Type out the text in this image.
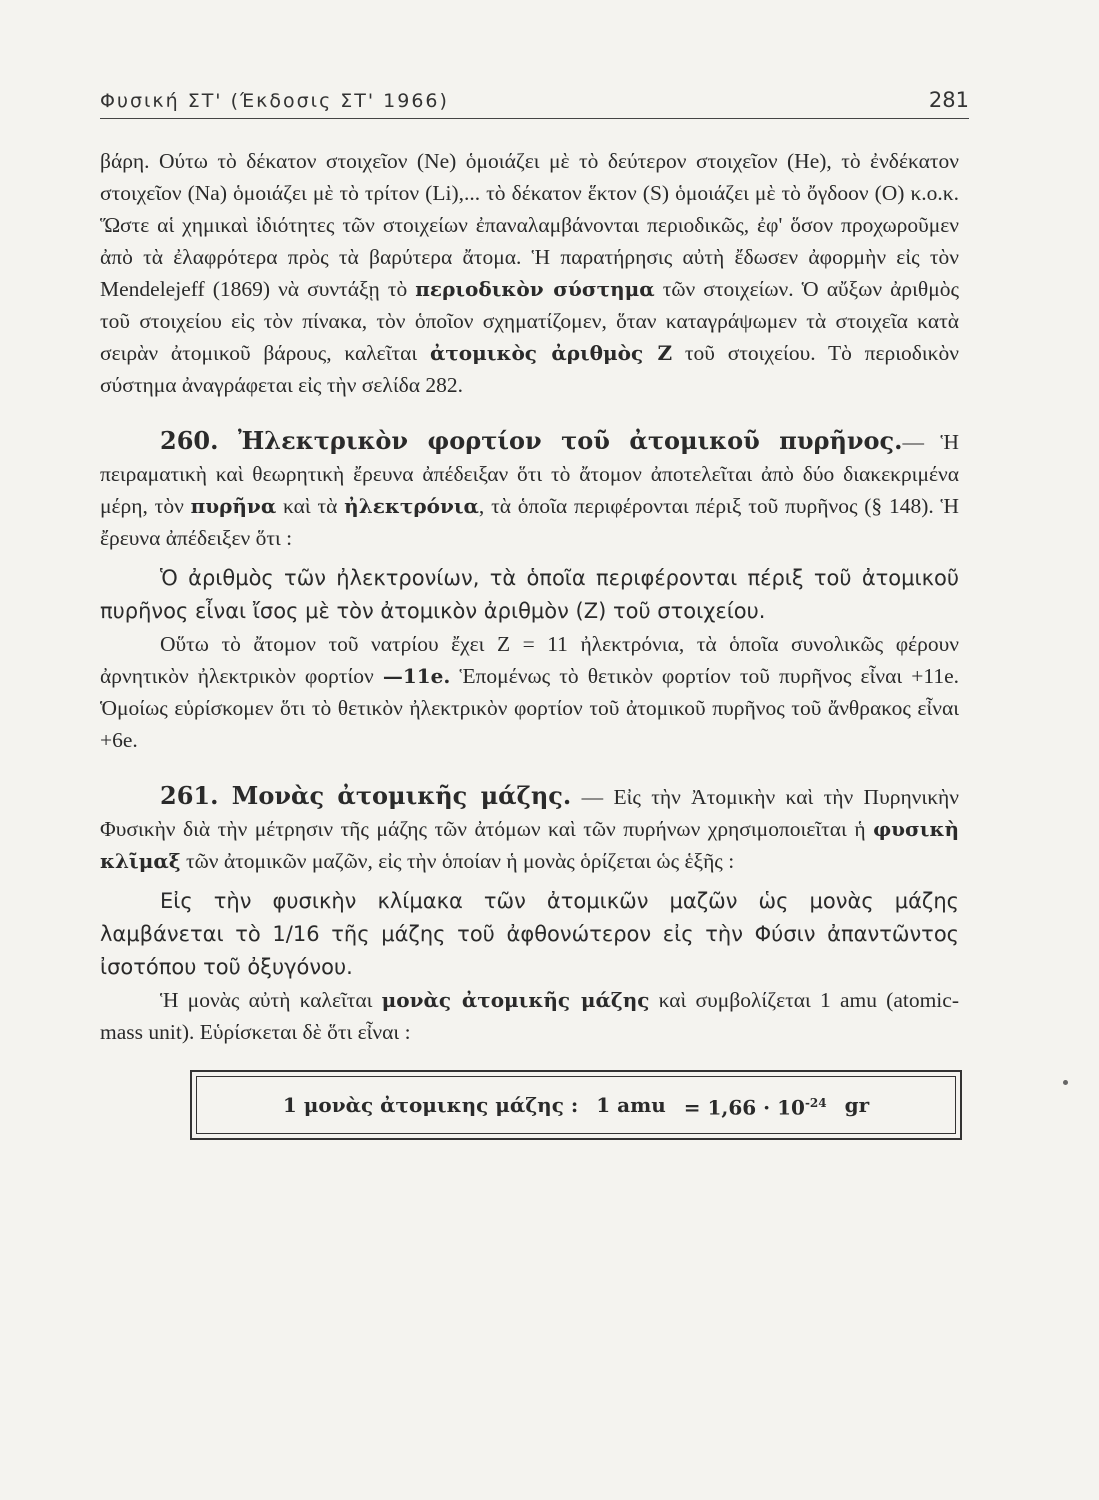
Φυσική ΣΤ' (Έκδοσις ΣΤ' 1966)	281

βάρη. Ούτω τὸ δέκατον στοιχεῖον (Ne) ὁμοιάζει μὲ τὸ δεύτερον στοιχεῖον (He), τὸ ἐνδέκατον στοιχεῖον (Na) ὁμοιάζει μὲ τὸ τρίτον (Li),... τὸ δέκατον ἕκτον (S) ὁμοιάζει μὲ τὸ ὄγδοον (O) κ.ο.κ. Ὥστε αἱ χημικαὶ ἰδιότητες τῶν στοιχείων ἐπαναλαμβάνονται περιοδικῶς, ἐφ' ὅσον προχωροῦμεν ἀπὸ τὰ ἐλαφρότερα πρὸς τὰ βαρύτερα ἄτομα. Ἡ παρατήρησις αὐτὴ ἔδωσεν ἀφορμὴν εἰς τὸν Mendelejeff (1869) νὰ συντάξῃ τὸ περιοδικὸν σύστημα τῶν στοιχείων. Ὁ αὔξων ἀριθμὸς τοῦ στοιχείου εἰς τὸν πίνακα, τὸν ὁποῖον σχηματίζομεν, ὅταν καταγράψωμεν τὰ στοιχεῖα κατὰ σειρὰν ἀτομικοῦ βάρους, καλεῖται ἀτομικὸς ἀριθμὸς Z τοῦ στοιχείου. Τὸ περιοδικὸν σύστημα ἀναγράφεται εἰς τὴν σελίδα 282.

260. Ἠλεκτρικὸν φορτίον τοῦ ἀτομικοῦ πυρῆνος.— Ἡ πειραματικὴ καὶ θεωρητικὴ ἔρευνα ἀπέδειξαν ὅτι τὸ ἄτομον ἀποτελεῖται ἀπὸ δύο διακεκριμένα μέρη, τὸν πυρῆνα καὶ τὰ ἠλεκτρόνια, τὰ ὁποῖα περιφέρονται πέριξ τοῦ πυρῆνος (§ 148). Ἡ ἔρευνα ἀπέδειξεν ὅτι :

Ὁ ἀριθμὸς τῶν ἠλεκτρονίων, τὰ ὁποῖα περιφέρονται πέριξ τοῦ ἀτομικοῦ πυρῆνος εἶναι ἴσος μὲ τὸν ἀτομικὸν ἀριθμὸν (Z) τοῦ στοιχείου.

Οὕτω τὸ ἄτομον τοῦ νατρίου ἔχει Z = 11 ἠλεκτρόνια, τὰ ὁποῖα συνολικῶς φέρουν ἀρνητικὸν ἠλεκτρικὸν φορτίον —11e. Ἑπομένως τὸ θετικὸν φορτίον τοῦ πυρῆνος εἶναι +11e. Ὁμοίως εὑρίσκομεν ὅτι τὸ θετικὸν ἠλεκτρικὸν φορτίον τοῦ ἀτομικοῦ πυρῆνος τοῦ ἄνθρακος εἶναι +6e.

261. Μονὰς ἀτομικῆς μάζης. — Εἰς τὴν Ἀτομικὴν καὶ τὴν Πυρηνικὴν Φυσικὴν διὰ τὴν μέτρησιν τῆς μάζης τῶν ἀτόμων καὶ τῶν πυρήνων χρησιμοποιεῖται ἡ φυσικὴ κλῖμαξ τῶν ἀτομικῶν μαζῶν, εἰς τὴν ὁποίαν ἡ μονὰς ὁρίζεται ὡς ἑξῆς :

Εἰς τὴν φυσικὴν κλίμακα τῶν ἀτομικῶν μαζῶν ὡς μονὰς μάζης λαμβάνεται τὸ 1/16 τῆς μάζης τοῦ ἀφθονώτερον εἰς τὴν Φύσιν ἀπαντῶντος ἰσοτόπου τοῦ ὀξυγόνου.

Ἡ μονὰς αὐτὴ καλεῖται μονὰς ἀτομικῆς μάζης καὶ συμβολίζεται 1 amu (atomic-mass unit). Εὑρίσκεται δὲ ὅτι εἶναι :

1 μονὰς ἀτομικης μάζης : 1 amu = $1,66 \cdot 10^{-24}$ gr
